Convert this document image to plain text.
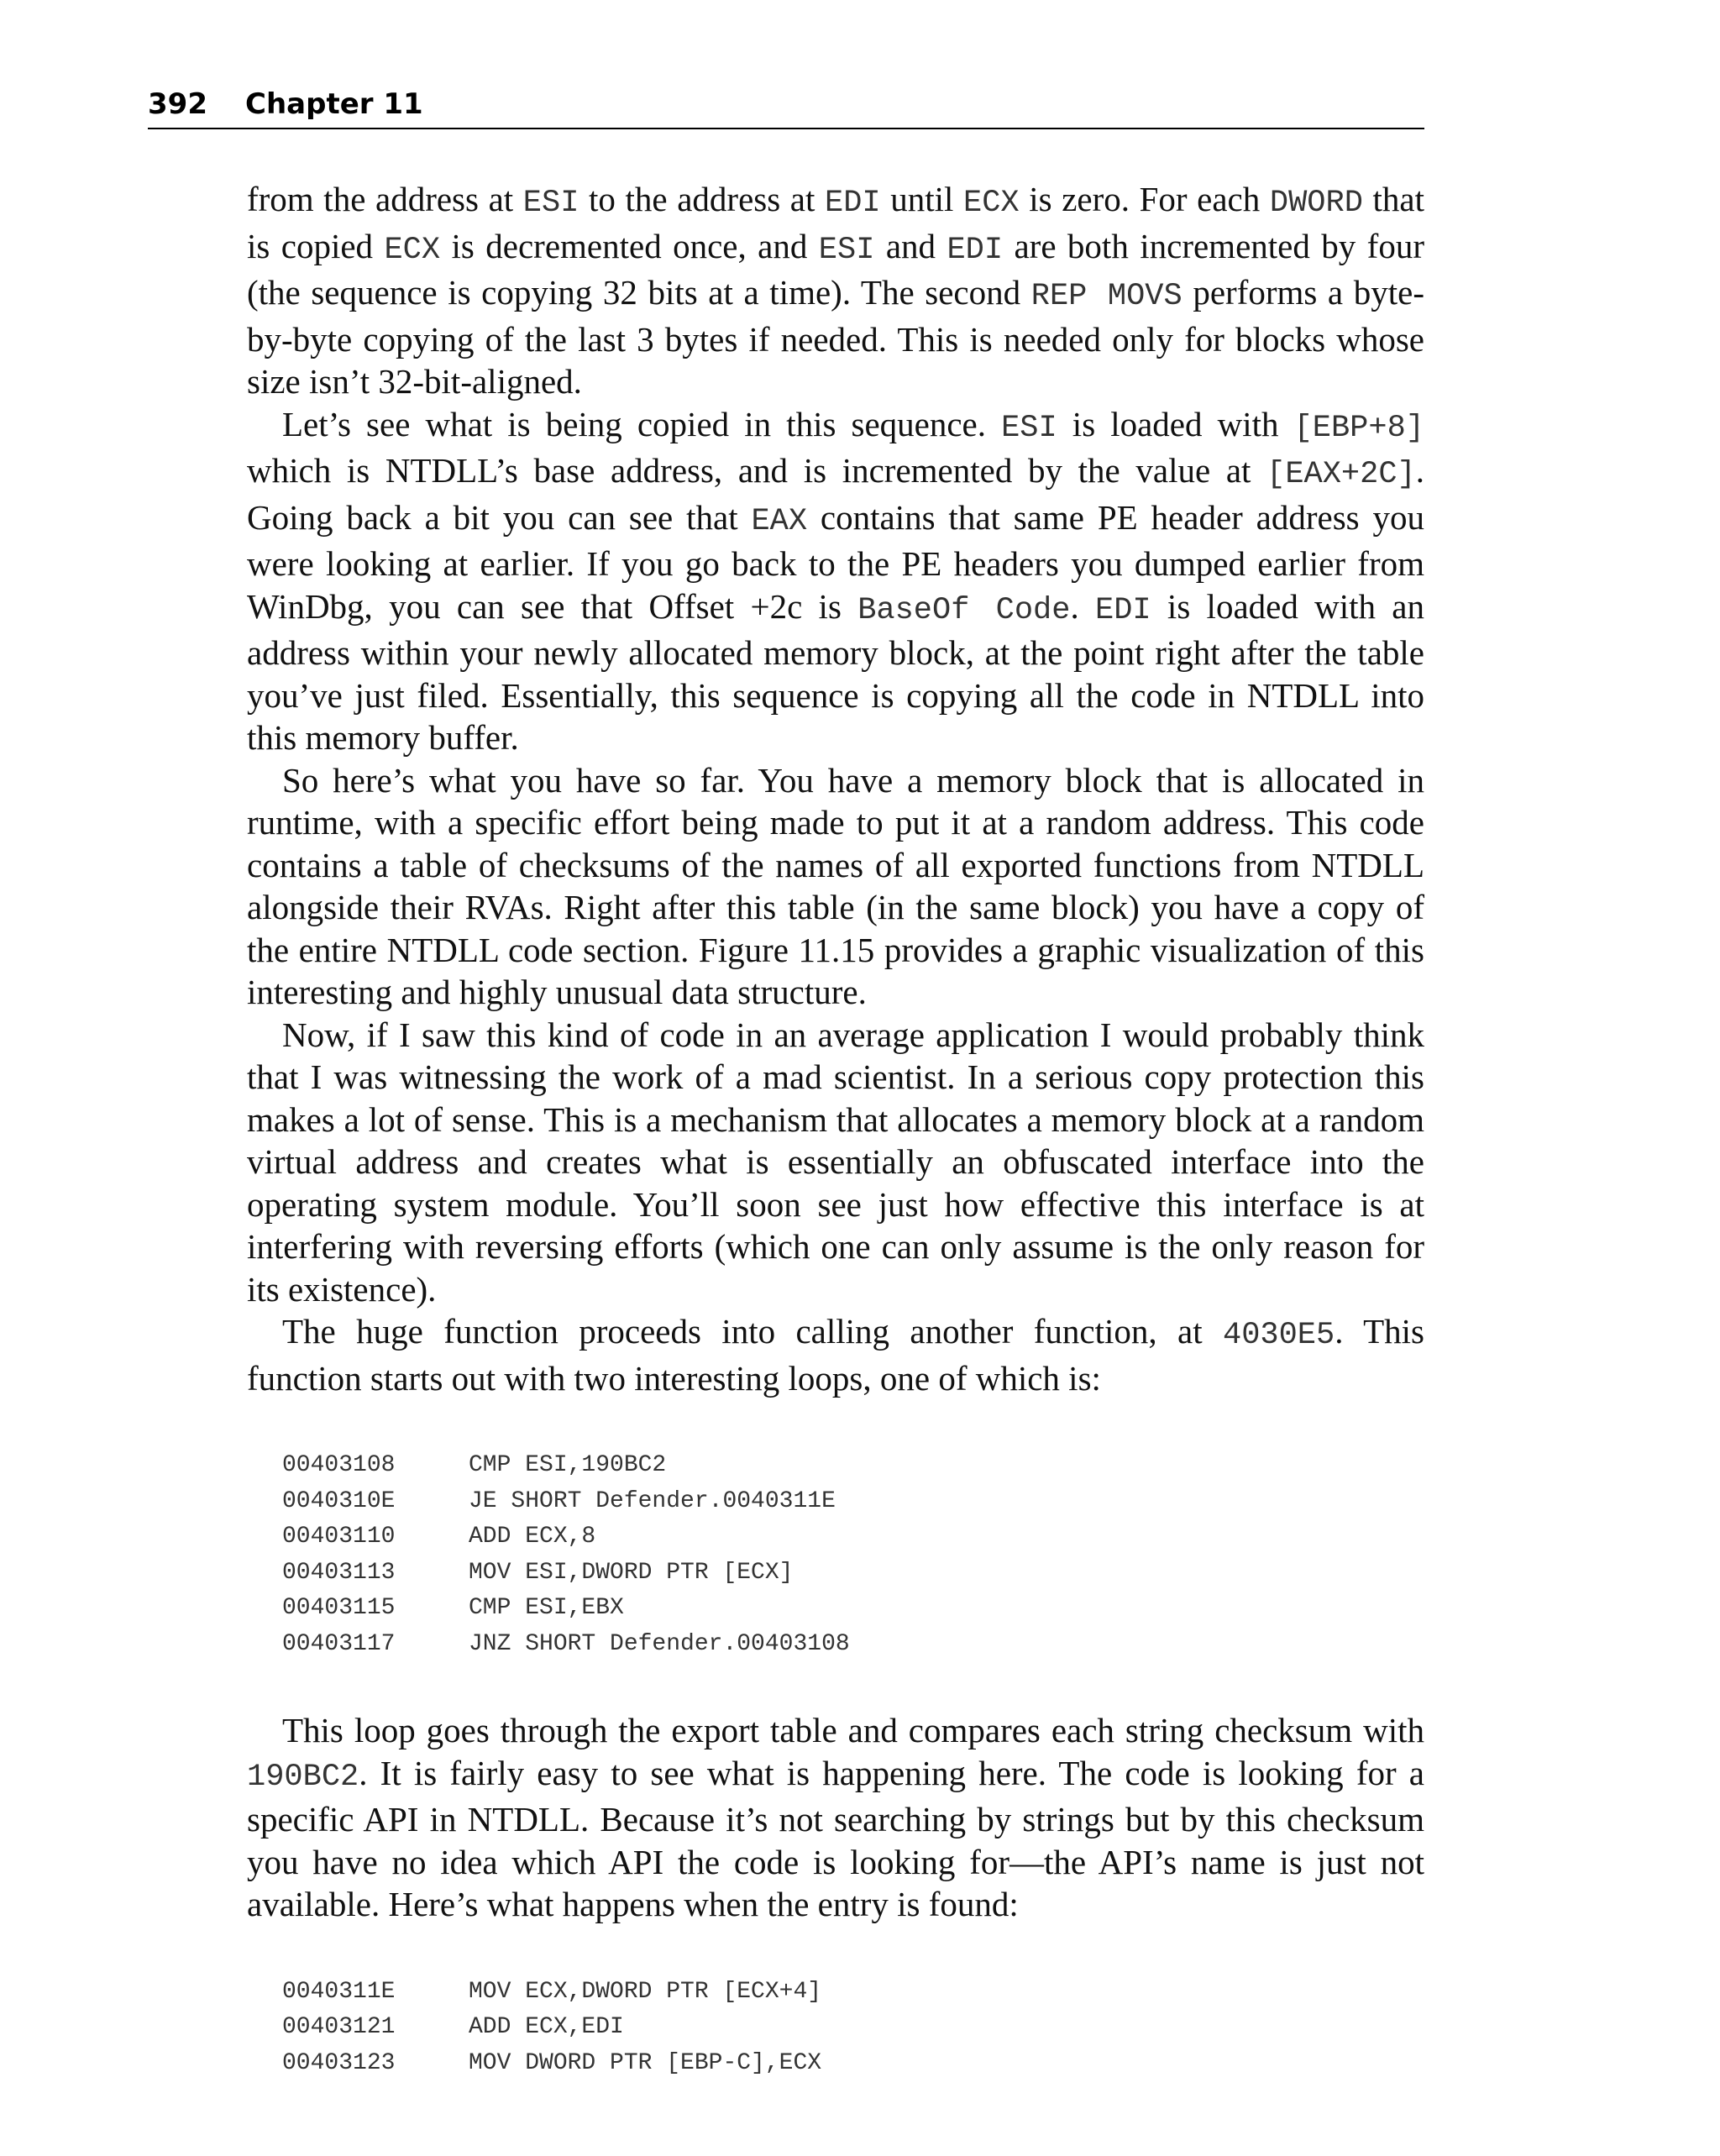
392 Chapter 11

from the address at ESI to the address at EDI until ECX is zero. For each DWORD that is copied ECX is decremented once, and ESI and EDI are both incremented by four (the sequence is copying 32 bits at a time). The second REP MOVS performs a byte-by-byte copying of the last 3 bytes if needed. This is needed only for blocks whose size isn’t 32-bit-aligned.

Let’s see what is being copied in this sequence. ESI is loaded with [EBP+8] which is NTDLL’s base address, and is incremented by the value at [EAX+2C]. Going back a bit you can see that EAX contains that same PE header address you were looking at earlier. If you go back to the PE headers you dumped earlier from WinDbg, you can see that Offset +2c is BaseOf Code. EDI is loaded with an address within your newly allocated memory block, at the point right after the table you’ve just filed. Essentially, this sequence is copying all the code in NTDLL into this memory buffer.

So here’s what you have so far. You have a memory block that is allocated in runtime, with a specific effort being made to put it at a random address. This code contains a table of checksums of the names of all exported functions from NTDLL alongside their RVAs. Right after this table (in the same block) you have a copy of the entire NTDLL code section. Figure 11.15 provides a graphic visualization of this interesting and highly unusual data structure.

Now, if I saw this kind of code in an average application I would probably think that I was witnessing the work of a mad scientist. In a serious copy protection this makes a lot of sense. This is a mechanism that allocates a memory block at a random virtual address and creates what is essentially an obfuscated interface into the operating system module. You’ll soon see just how effective this interface is at interfering with reversing efforts (which one can only assume is the only reason for its existence).

The huge function proceeds into calling another function, at 4030E5. This function starts out with two interesting loops, one of which is:

00403108	CMP ESI,190BC2
0040310E	JE SHORT Defender.0040311E
00403110	ADD ECX,8
00403113	MOV ESI,DWORD PTR [ECX]
00403115	CMP ESI,EBX
00403117	JNZ SHORT Defender.00403108

This loop goes through the export table and compares each string checksum with 190BC2. It is fairly easy to see what is happening here. The code is looking for a specific API in NTDLL. Because it’s not searching by strings but by this checksum you have no idea which API the code is looking for—the API’s name is just not available. Here’s what happens when the entry is found:

0040311E	MOV ECX,DWORD PTR [ECX+4]
00403121	ADD ECX,EDI
00403123	MOV DWORD PTR [EBP-C],ECX
